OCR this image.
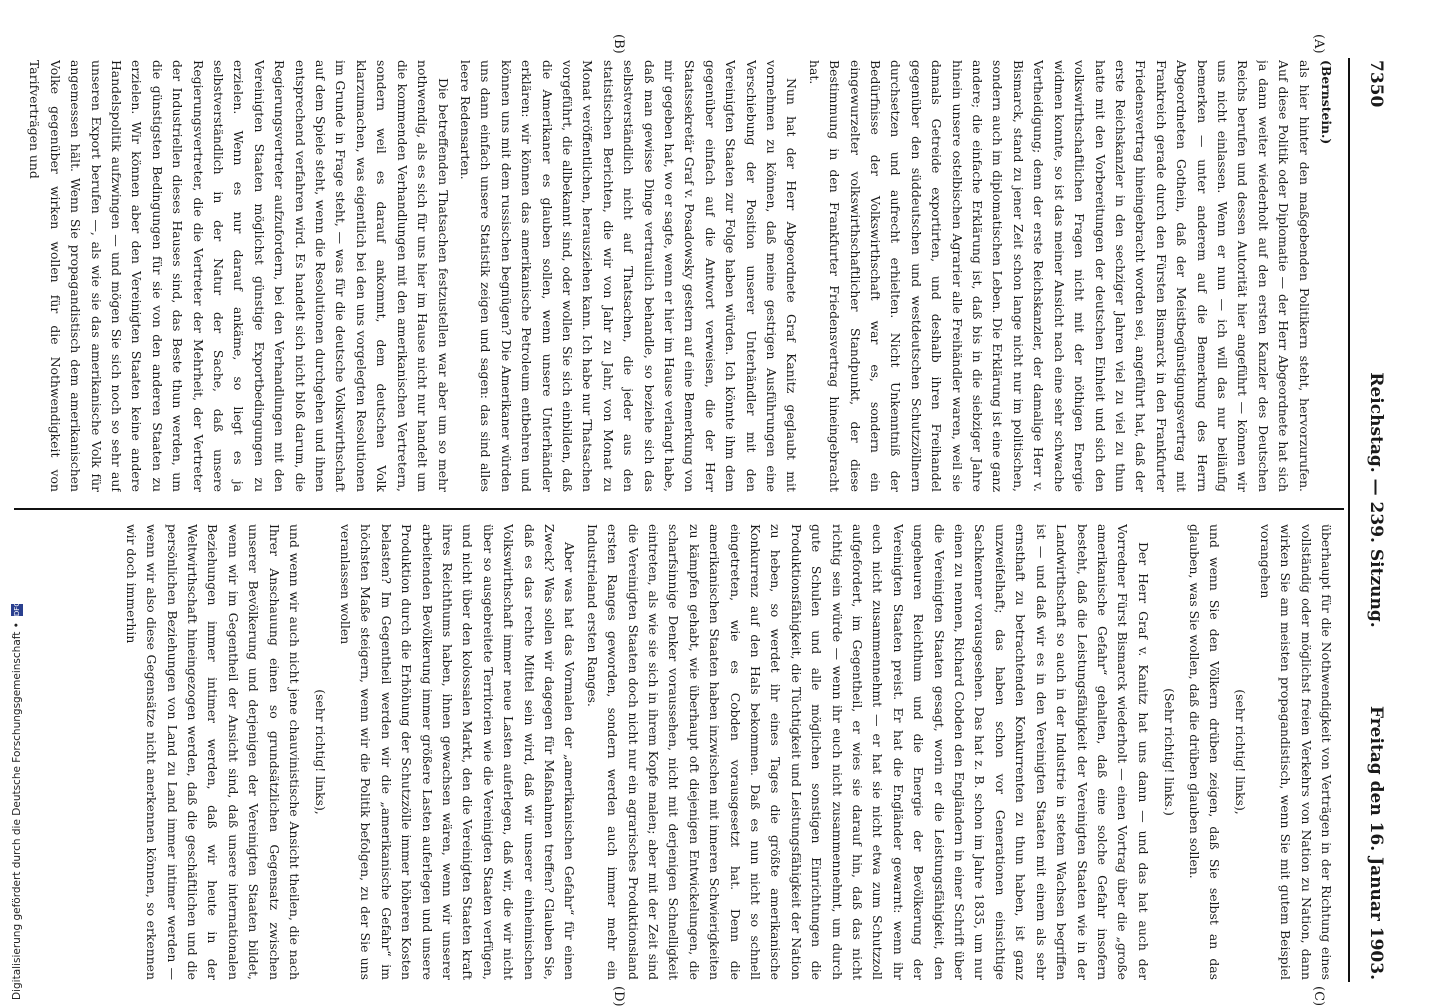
7350
Reichstag. — 239. Sitzung.
Freitag den 16. Januar 1903.
(A)
(B)
(C)
(D)
(Bernstein.)

als hier hinter den maßgebenden Politikern steht, hervorzurufen. Auf diese Politik oder Diplomatie — der Herr Abgeordnete hat sich ja dann weiter wiederholt auf den ersten Kanzler des Deutschen Reichs berufen und dessen Autorität hier angeführt — können wir uns nicht einlassen. Wenn er nun — ich will das nur beiläufig bemerken — unter anderem auf die Bemerkung des Herrn Abgeordneten Gothein, daß der Meistbegünstigungsvertrag mit Frankreich gerade durch den Fürsten Bismarck in den Frankfurter Friedensvertrag hineingebracht worden sei, angeführt hat, daß der erste Reichskanzler in den sechziger Jahren viel zu viel zu thun hatte mit den Vorbereitungen der deutschen Einheit und sich den volkswirthschaftlichen Fragen nicht mit der nöthigen Energie widmen konnte, so ist das meiner Ansicht nach eine sehr schwache Vertheidigung; denn der erste Reichskanzler, der damalige Herr v. Bismarck, stand zu jener Zeit schon lange nicht nur im politischen, sondern auch im diplomatischen Leben. Die Erklärung ist eine ganz andere; die einfache Erklärung ist, daß bis in die siebziger Jahre hinein unsere ostelbischen Agrarier alle Freihändler waren, weil sie damals Getreide exportirten, und deshalb ihren Freihandel gegenüber den süddeutschen und westdeutschen Schutzzöllnern durchsetzen und aufrecht erhielten. Nicht Unkenntniß der Bedürfnisse der Volkswirthschaft war es, sondern ein eingewurzelter volkswirthschaftlicher Standpunkt, der diese Bestimmung in den Frankfurter Friedensvertrag hineingebracht hat.

Nun hat der Herr Abgeordnete Graf Kanitz geglaubt mit vornehmen zu können, daß meine gestrigen Ausführungen eine Verschiebung der Position unserer Unterhändler mit den Vereinigten Staaten zur Folge haben würden. Ich könnte ihm dem gegenüber einfach auf die Antwort verweisen, die der Herr Staatssekretär Graf v. Posadowsky gestern auf eine Bemerkung von mir gegeben hat, wo er sagte, wenn er hier im Hause verlangt habe, daß man gewisse Dinge vertraulich behandle, so beziehe sich das selbstverständlich nicht auf Thatsachen, die jeder aus den statistischen Berichten, die wir von Jahr zu Jahr, von Monat zu Monat veröffentlichen, herausziehen kann. Ich habe nur Thatsachen vorgeführt, die allbekannt sind, oder wollen Sie sich einbilden, daß die Amerikaner es glauben sollen, wenn unsere Unterhändler erklären: wir können das amerikanische Petroleum entbehren und können uns mit dem russischen begnügen? Die Amerikaner würden uns dann einfach unsere Statistik zeigen und sagen: das sind alles leere Redensarten.

Die betreffenden Thatsachen festzustellen war aber um so mehr nothwendig, als es sich für uns hier im Hause nicht nur handelt um die kommenden Verhandlungen mit den amerikanischen Vertretern, sondern weil es darauf ankommt, dem deutschen Volk klarzumachen, was eigentlich bei den uns vorgelegten Resolutionen im Grunde in Frage steht, — was für die deutsche Volkswirthschaft auf dem Spiele steht, wenn die Resolutionen durchgehen und ihnen entsprechend verfahren wird. Es handelt sich nicht bloß darum, die Regierungsvertreter aufzufordern, bei den Verhandlungen mit den Vereinigten Staaten möglichst günstige Exportbedingungen zu erzielen. Wenn es nur darauf ankäme, so liegt es ja selbstverständlich in der Natur der Sache, daß unsere Regierungsvertreter, die die Vertreter der Mehrheit, der Vertreter der Industriellen dieses Hauses sind, das Beste thun werden, um die günstigsten Bedingungen für sie von den anderen Staaten zu erzielen. Wir können aber den Vereinigten Staaten keine andere Handelspolitik aufzwingen — und mögen Sie sich noch so sehr auf unseren Export berufen —, als wie sie das amerikanische Volk für angemessen hält. Wenn Sie propagandistisch dem amerikanischen Volke gegenüber wirken wollen für die Nothwendigkeit von Tarifverträgen und

überhaupt für die Nothwendigkeit von Verträgen in der Richtung eines vollständig oder möglichst freien Verkehrs von Nation zu Nation, dann wirken Sie am meisten propagandistisch, wenn Sie mit gutem Beispiel vorangehen

(sehr richtig! links),

und wenn Sie den Völkern drüben zeigen, daß Sie selbst an das glauben, was Sie wollen, daß die drüben glauben sollen.

(Sehr richtig! links.)

Der Herr Graf v. Kanitz hat uns dann — und das hat auch der Vorredner Fürst Bismarck wiederholt — einen Vortrag über die „große amerikanische Gefahr“ gehalten, daß eine solche Gefahr insofern besteht, daß die Leistungsfähigkeit der Vereinigten Staaten wie in der Landwirthschaft so auch in der Industrie in stetem Wachsen begriffen ist — und daß wir es in den Vereinigten Staaten mit einem als sehr ernsthaft zu betrachtenden Konkurrenten zu thun haben, ist ganz unzweifelhaft; das haben schon vor Generationen einsichtige Sachkenner vorausgesehen. Das hat z. B. schon im Jahre 1835, um nur einen zu nennen, Richard Cobden den Engländern in einer Schrift über die Vereinigten Staaten gesagt, worin er die Leistungsfähigkeit, den ungeheuren Reichthum und die Energie der Bevölkerung der Vereinigten Staaten preist. Er hat die Engländer gewarnt: wenn ihr euch nicht zusammennehmt — er hat sie nicht etwa zum Schutzzoll aufgefordert, im Gegentheil, er wies sie darauf hin, daß das nicht richtig sein würde — wenn ihr euch nicht zusammennehmt, um durch gute Schulen und alle möglichen sonstigen Einrichtungen die Produktionsfähigkeit, die Tüchtigkeit und Leistungsfähigkeit der Nation zu heben, so werdet ihr eines Tages die größte amerikanische Konkurrenz auf den Hals bekommen. Daß es nun nicht so schnell eingetreten, wie es Cobden vorausgesetzt hat. Denn die amerikanischen Staaten haben inzwischen mit inneren Schwierigkeiten zu kämpfen gehabt, wie überhaupt oft diejenigen Entwickelungen, die scharfsinnige Denker voraussehen, nicht mit derjenigen Schnelligkeit eintreten, als wie sie sich in ihrem Kopfe malen; aber mit der Zeit sind die Vereinigten Staaten doch nicht nur ein agrarisches Produktionsland ersten Ranges geworden, sondern werden auch immer mehr ein Industrieland ersten Ranges.

Aber was hat das Vormalen der „amerikanischen Gefahr“ für einen Zweck? Was sollen wir dagegen für Maßnahmen treffen? Glauben Sie, daß es das rechte Mittel sein wird, daß wir unserer einheimischen Volkswirthschaft immer neue Lasten auferlegen, daß wir, die wir nicht über so ausgebreitete Territorien wie die Vereinigten Staaten verfügen, und nicht über den kolossalen Markt, den die Vereinigten Staaten kraft ihres Reichthums haben, ihnen gewachsen wären, wenn wir unserer arbeitenden Bevölkerung immer größere Lasten auferlegen und unsere Produktion durch die Erhöhung der Schutzzölle immer höheren Kosten belasten? Im Gegentheil werden wir die „amerikanische Gefahr“ im höchsten Maße steigern, wenn wir die Politik befolgen, zu der Sie uns veranlassen wollen

(sehr richtig! links),

und wenn wir auch nicht jene chauvinistische Ansicht theilen, die nach Ihrer Anschauung einen so grundsätzlichen Gegensatz zwischen unserer Bevölkerung und derjenigen der Vereinigten Staaten bildet, wenn wir im Gegentheil der Ansicht sind, daß unsere internationalen Beziehungen immer intimer werden, daß wir heute in der Weltwirthschaft hineingezogen werden, daß die geschäftlichen und die persönlichen Beziehungen von Land zu Land immer intimer werden — wenn wir also diese Gegensätze nicht anerkennen können, so erkennen wir doch immerhin

Digitalisierung gefördert durch die Deutsche Forschungsgemeinschaft •
DFG
